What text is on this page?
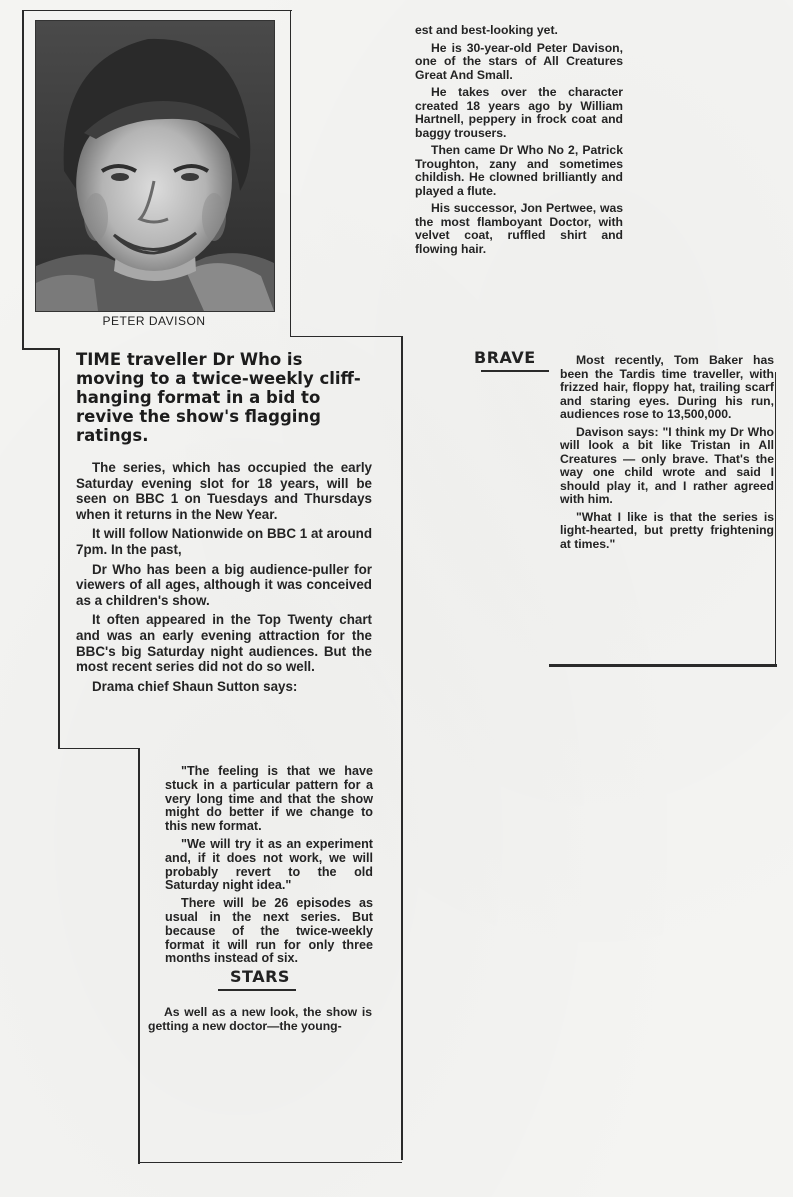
PETER DAVISON
TIME traveller Dr Who is moving to a twice-weekly cliff-hanging format in a bid to revive the show's flagging ratings.

The series, which has occupied the early Saturday evening slot for 18 years, will be seen on BBC 1 on Tuesdays and Thursdays when it returns in the New Year.

It will follow Nationwide on BBC 1 at around 7pm. In the past,

Dr Who has been a big audience-puller for viewers of all ages, although it was conceived as a children's show.

It often appeared in the Top Twenty chart and was an early evening attraction for the BBC's big Saturday night audiences. But the most recent series did not do so well.

Drama chief Shaun Sutton says:

"The feeling is that we have stuck in a particular pattern for a very long time and that the show might do better if we change to this new format.

"We will try it as an experiment and, if it does not work, we will probably revert to the old Saturday night idea."

There will be 26 episodes as usual in the next series. But because of the twice-weekly format it will run for only three months instead of six.

STARS

As well as a new look, the show is getting a new doctor—the young-

est and best-looking yet.

He is 30-year-old Peter Davison, one of the stars of All Creatures Great And Small.

He takes over the character created 18 years ago by William Hartnell, peppery in frock coat and baggy trousers.

Then came Dr Who No 2, Patrick Troughton, zany and sometimes childish. He clowned brilliantly and played a flute.

His successor, Jon Pertwee, was the most flamboyant Doctor, with velvet coat, ruffled shirt and flowing hair.

BRAVE	Most recently, Tom Baker has been the Tardis time traveller, with frizzed hair, floppy hat, trailing scarf and staring eyes. During his run, audiences rose to 13,500,000.

Davison says: "I think my Dr Who will look a bit like Tristan in All Creatures — only brave. That's the way one child wrote and said I should play it, and I rather agreed with him.

"What I like is that the series is light-hearted, but pretty frightening at times."
